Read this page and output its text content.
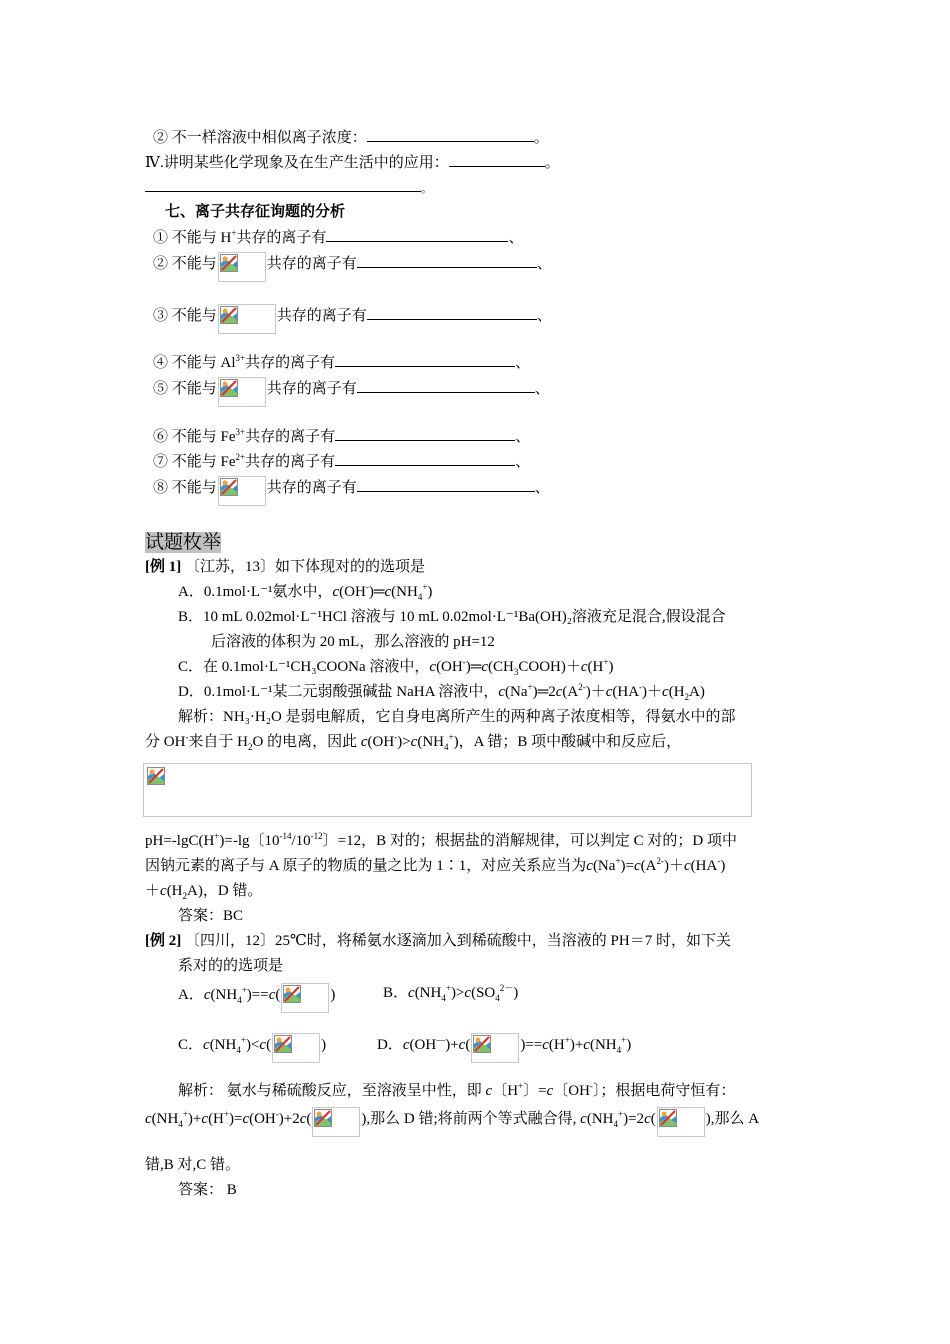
② 不一样溶液中相似离子浓度：	。
Ⅳ.讲明某些化学现象及在生产生活中的应用：	。
。
七、离子共存征询题的分析
① 不能与 H+共存的离子有	、
② 不能与	共存的离子有	、
③ 不能与	共存的离子有	、
④ 不能与 $Al^{3+}$共存的离子有	、
⑤ 不能与	共存的离子有	、
⑥ 不能与 $Fe^{3+}$共存的离子有	、
⑦ 不能与 $Fe^{2+}$共存的离子有	、
⑧ 不能与	共存的离子有	、
试题枚举
[例 1] 〔江苏，13〕如下体现对的的选项是
A．0.1mol·L⁻¹氨水中，$c(OH^-)═c(NH_4^+)$
B．10 mL 0.02mol·L⁻¹HCl 溶液与 10 mL 0.02mol·L⁻¹Ba(OH)₂溶液充足混合,假设混合
后溶液的体积为 20 mL，那么溶液的 pH=12
C．在 0.1mol·L⁻¹CH₃COONa 溶液中，$c(OH^-)═c(CH_3COOH)+c(H^+)$
D．0.1mol·L⁻¹某二元弱酸强碱盐 NaHA 溶液中，$c(Na^+)═2c(A^{2-})+c(HA^-)+c(H_2A)$
解析：NH₃·H₂O 是弱电解质，它自身电离所产生的两种离子浓度相等，得氨水中的部
分 OH-来自于 $H_2O$ 的电离，因此 $c(OH^-)>c(NH_4^+)$，A 错；B 项中酸碱中和反应后，
pH=-lgC(H+)=-lg〔$10^{-14}/10^{-12}$〕=12，B 对的；根据盐的消解规律，可以判定 C 对的；D 项中
因钠元素的离子与 A 原子的物质的量之比为 1∶1，对应关系应当为$c(Na^+)=c(A^{2-})+c(HA^-)$
$+c(H_2A)$，D 错。
答案：BC
[例 2] 〔四川，12〕25℃时，将稀氨水逐滴加入到稀硫酸中，当溶液的 PH＝7 时，如下关
系对的的选项是
A．$c(NH_4^+)==c$(	)	B．$c(NH_4^+)>c(SO_4^{2-})$
C．$c(NH_4^+)<c$(	)	D．c(OH—)+c(	)$==c(H^+)+c(NH_4^+)$
解析： 氨水与稀硫酸反应，至溶液呈中性，即 c〔H+〕=c〔OH-〕；根据电荷守恒有：
$c(NH_4^+)+c(H^+)=c(OH^-)+2c$(	),那么 D 错;将前两个等式融合得, $c(NH_4^+)=2c$(	),那么 A
错,B 对,C 错。
答案： B
